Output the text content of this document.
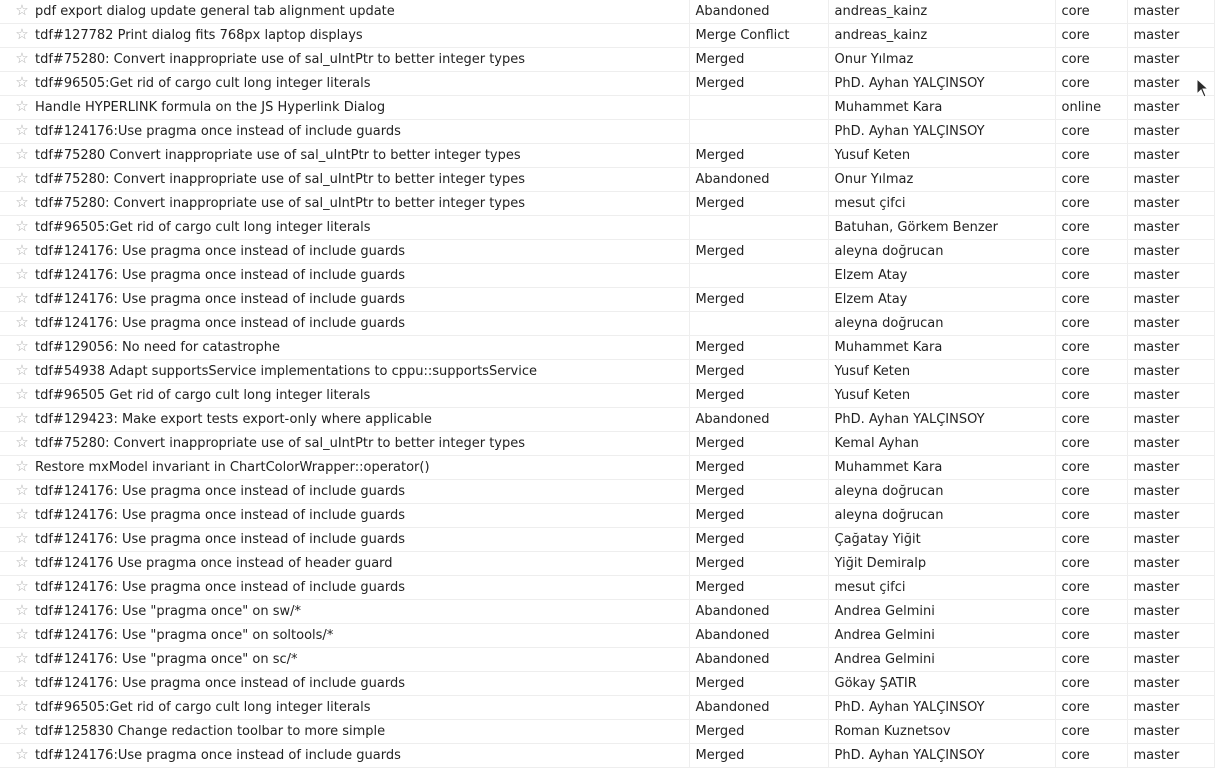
☆	pdf export dialog update general tab alignment update	Abandoned	andreas_kainz	core	master
☆	tdf#127782 Print dialog fits 768px laptop displays	Merge Conflict	andreas_kainz	core	master
☆	tdf#75280: Convert inappropriate use of sal_uIntPtr to better integer types	Merged	Onur Yılmaz	core	master
☆	tdf#96505:Get rid of cargo cult long integer literals	Merged	PhD. Ayhan YALÇINSOY	core	master
☆	Handle HYPERLINK formula on the JS Hyperlink Dialog		Muhammet Kara	online	master
☆	tdf#124176:Use pragma once instead of include guards		PhD. Ayhan YALÇINSOY	core	master
☆	tdf#75280 Convert inappropriate use of sal_uIntPtr to better integer types	Merged	Yusuf Keten	core	master
☆	tdf#75280: Convert inappropriate use of sal_uIntPtr to better integer types	Abandoned	Onur Yılmaz	core	master
☆	tdf#75280: Convert inappropriate use of sal_uIntPtr to better integer types	Merged	mesut çifci	core	master
☆	tdf#96505:Get rid of cargo cult long integer literals		Batuhan, Görkem Benzer	core	master
☆	tdf#124176: Use pragma once instead of include guards	Merged	aleyna doğrucan	core	master
☆	tdf#124176: Use pragma once instead of include guards		Elzem Atay	core	master
☆	tdf#124176: Use pragma once instead of include guards	Merged	Elzem Atay	core	master
☆	tdf#124176: Use pragma once instead of include guards		aleyna doğrucan	core	master
☆	tdf#129056: No need for catastrophe	Merged	Muhammet Kara	core	master
☆	tdf#54938 Adapt supportsService implementations to cppu::supportsService	Merged	Yusuf Keten	core	master
☆	tdf#96505 Get rid of cargo cult long integer literals	Merged	Yusuf Keten	core	master
☆	tdf#129423: Make export tests export-only where applicable	Abandoned	PhD. Ayhan YALÇINSOY	core	master
☆	tdf#75280: Convert inappropriate use of sal_uIntPtr to better integer types	Merged	Kemal Ayhan	core	master
☆	Restore mxModel invariant in ChartColorWrapper::operator()	Merged	Muhammet Kara	core	master
☆	tdf#124176: Use pragma once instead of include guards	Merged	aleyna doğrucan	core	master
☆	tdf#124176: Use pragma once instead of include guards	Merged	aleyna doğrucan	core	master
☆	tdf#124176: Use pragma once instead of include guards	Merged	Çağatay Yiğit	core	master
☆	tdf#124176 Use pragma once instead of header guard	Merged	Yiğit Demiralp	core	master
☆	tdf#124176: Use pragma once instead of include guards	Merged	mesut çifci	core	master
☆	tdf#124176: Use "pragma once" on sw/*	Abandoned	Andrea Gelmini	core	master
☆	tdf#124176: Use "pragma once" on soltools/*	Abandoned	Andrea Gelmini	core	master
☆	tdf#124176: Use "pragma once" on sc/*	Abandoned	Andrea Gelmini	core	master
☆	tdf#124176: Use pragma once instead of include guards	Merged	Gökay ŞATIR	core	master
☆	tdf#96505:Get rid of cargo cult long integer literals	Abandoned	PhD. Ayhan YALÇINSOY	core	master
☆	tdf#125830 Change redaction toolbar to more simple	Merged	Roman Kuznetsov	core	master
☆	tdf#124176:Use pragma once instead of include guards	Merged	PhD. Ayhan YALÇINSOY	core	master
